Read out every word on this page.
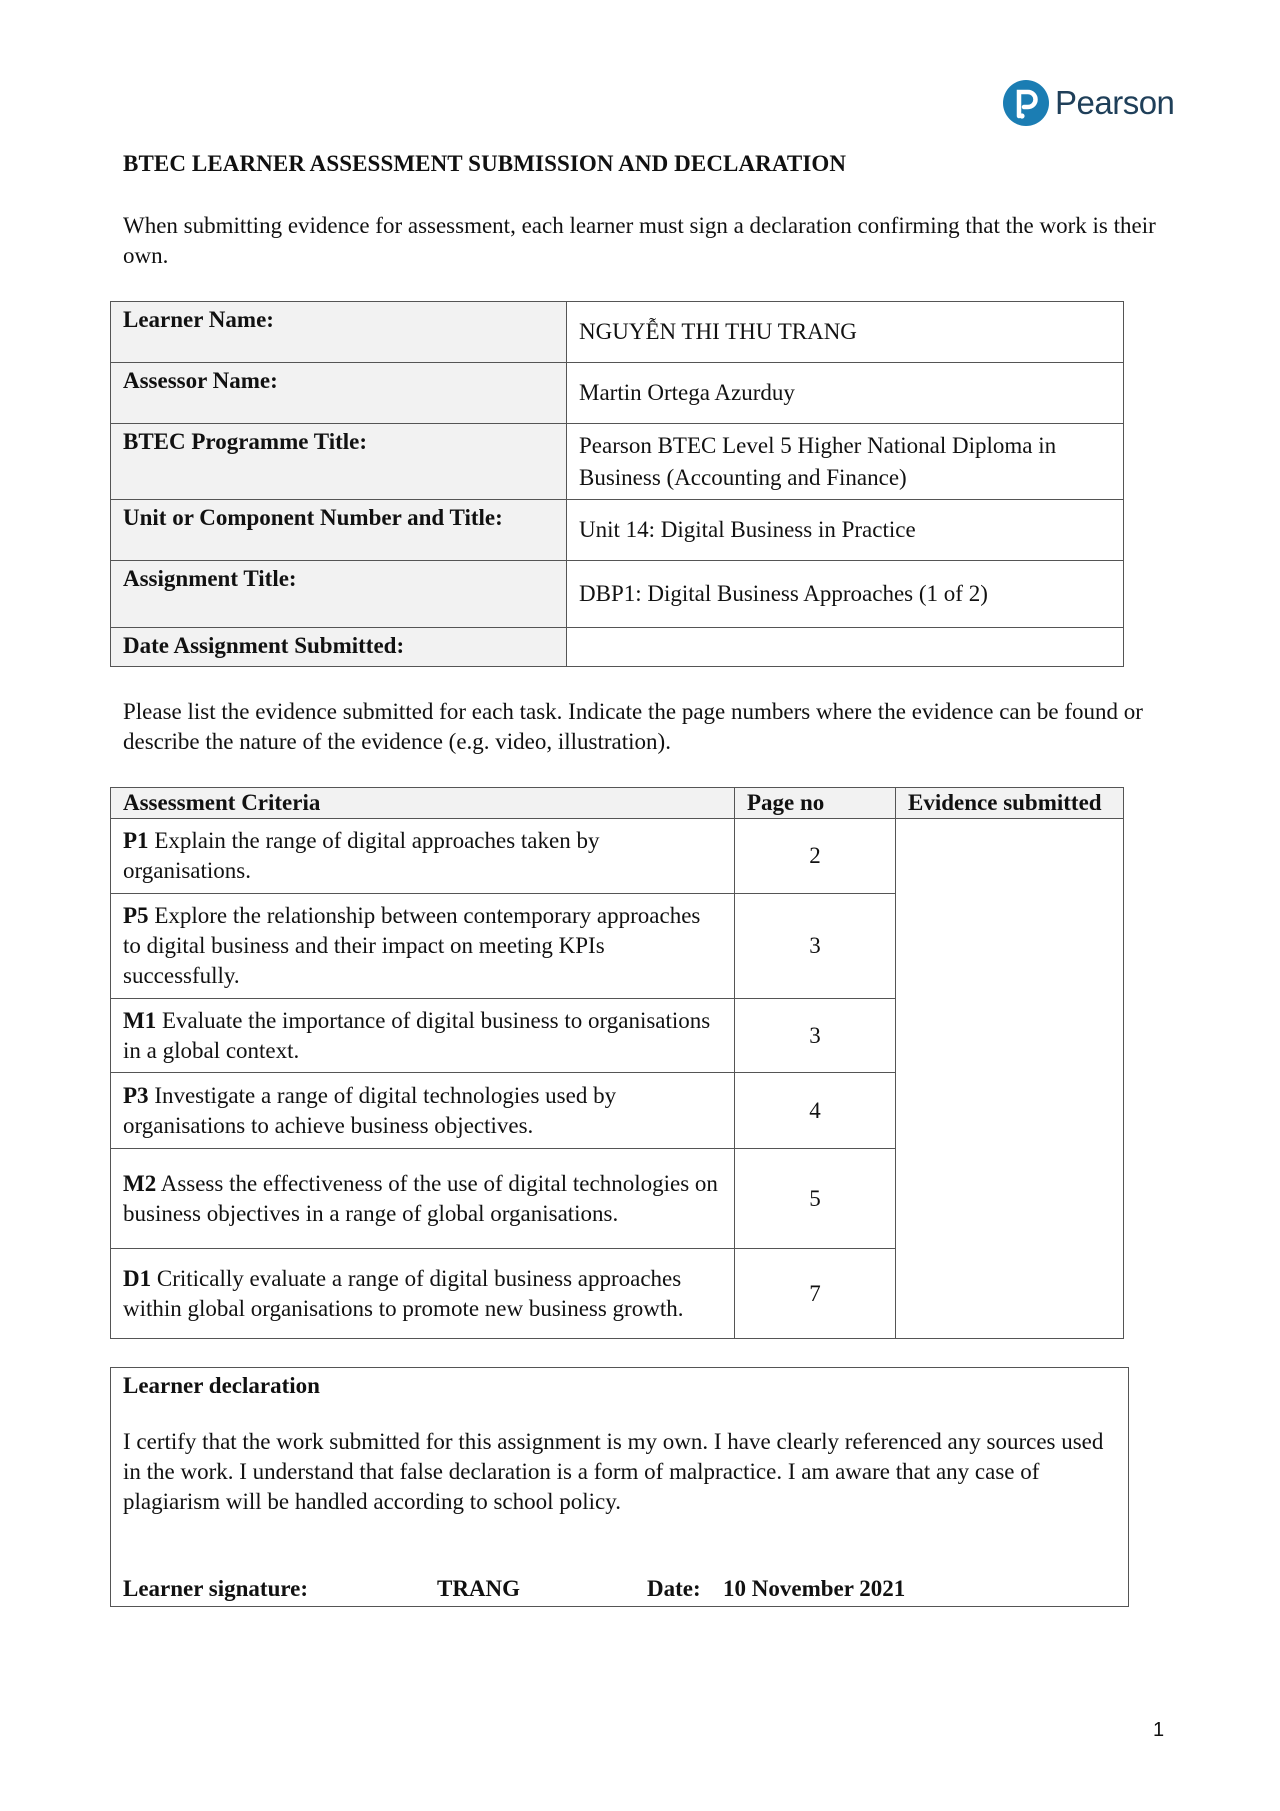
Pearson
BTEC LEARNER ASSESSMENT SUBMISSION AND DECLARATION
When submitting evidence for assessment, each learner must sign a declaration confirming that the work is their own.
Learner Name:	NGUYỄN THI THU TRANG
Assessor Name:	Martin Ortega Azurduy
BTEC Programme Title:	Pearson BTEC Level 5 Higher National Diploma in Business (Accounting and Finance)
Unit or Component Number and Title:	Unit 14: Digital Business in Practice
Assignment Title:	DBP1: Digital Business Approaches (1 of 2)
Date Assignment Submitted:	
Please list the evidence submitted for each task. Indicate the page numbers where the evidence can be found or describe the nature of the evidence (e.g. video, illustration).
Assessment Criteria	Page no	Evidence submitted
P1 Explain the range of digital approaches taken by organisations.	2	
P5 Explore the relationship between contemporary approaches to digital business and their impact on meeting KPIs successfully.	3	
M1 Evaluate the importance of digital business to organisations in a global context.	3	
P3 Investigate a range of digital technologies used by organisations to achieve business objectives.	4	
M2 Assess the effectiveness of the use of digital technologies on business objectives in a range of global organisations.	5	
D1 Critically evaluate a range of digital business approaches within global organisations to promote new business growth.	7	
Learner declaration
I certify that the work submitted for this assignment is my own. I have clearly referenced any sources used in the work. I understand that false declaration is a form of malpractice. I am aware that any case of plagiarism will be handled according to school policy.
Learner signature:	TRANG	Date: 10 November 2021
1
